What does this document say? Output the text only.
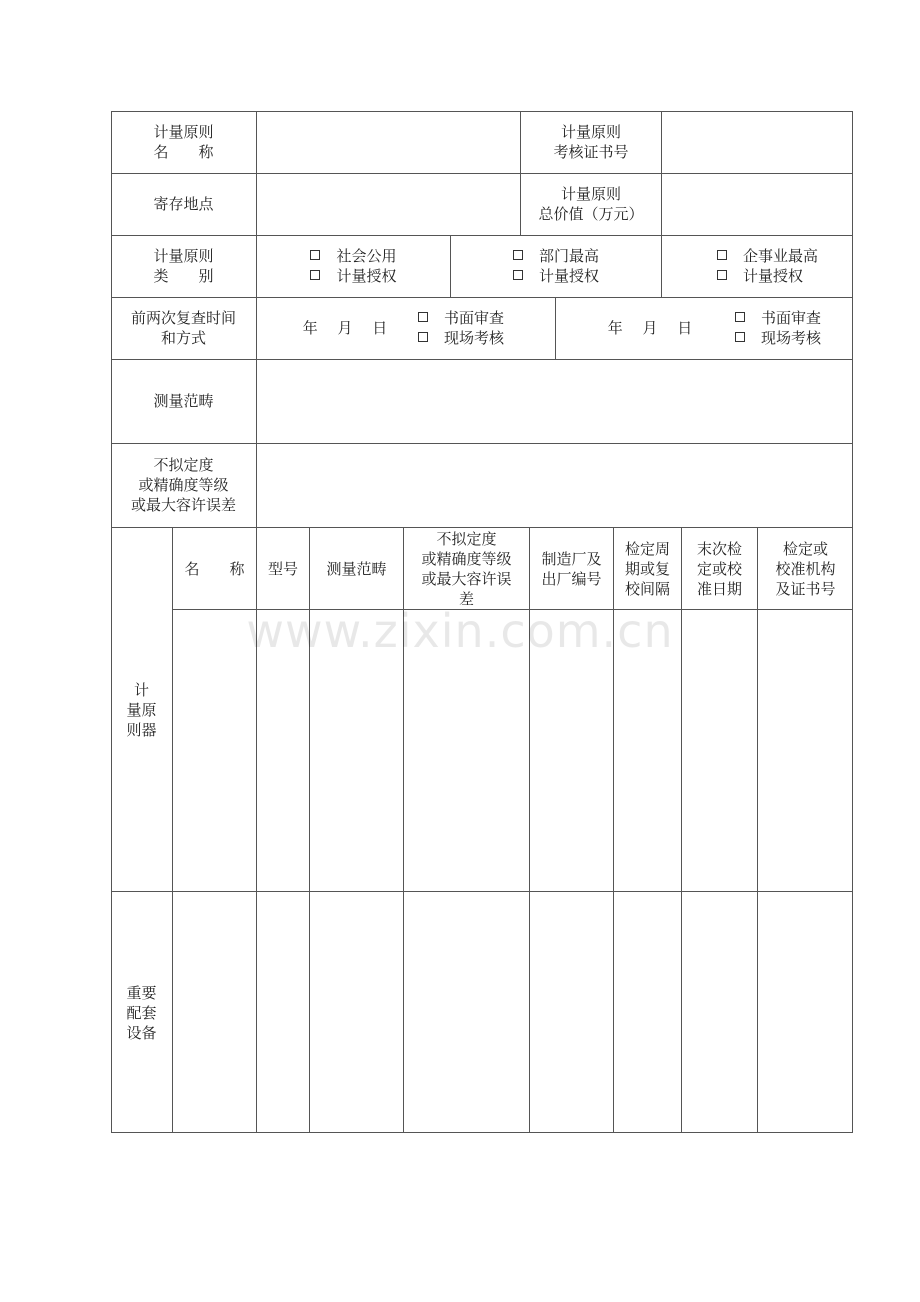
计量原则
名　　称
计量原则
考核证书号
寄存地点
计量原则
总价值（万元）
计量原则
类　　别
社会公用
计量授权
部门最高
计量授权
企事业最高
计量授权
前两次复查时间
和方式
年　 月　 日
书面审查
现场考核
年　 月　 日
书面审查
现场考核
测量范畴
不拟定度
或精确度等级
或最大容许误差
名　　称 型号 测量范畴
不拟定度
或精确度等级
或最大容许误
差
制造厂及
出厂编号
检定周
期或复
校间隔
末次检
定或校
准日期
检定或
校准机构
及证书号
计
量原
则器
重要
配套
设备
www.zixin.com.cn
